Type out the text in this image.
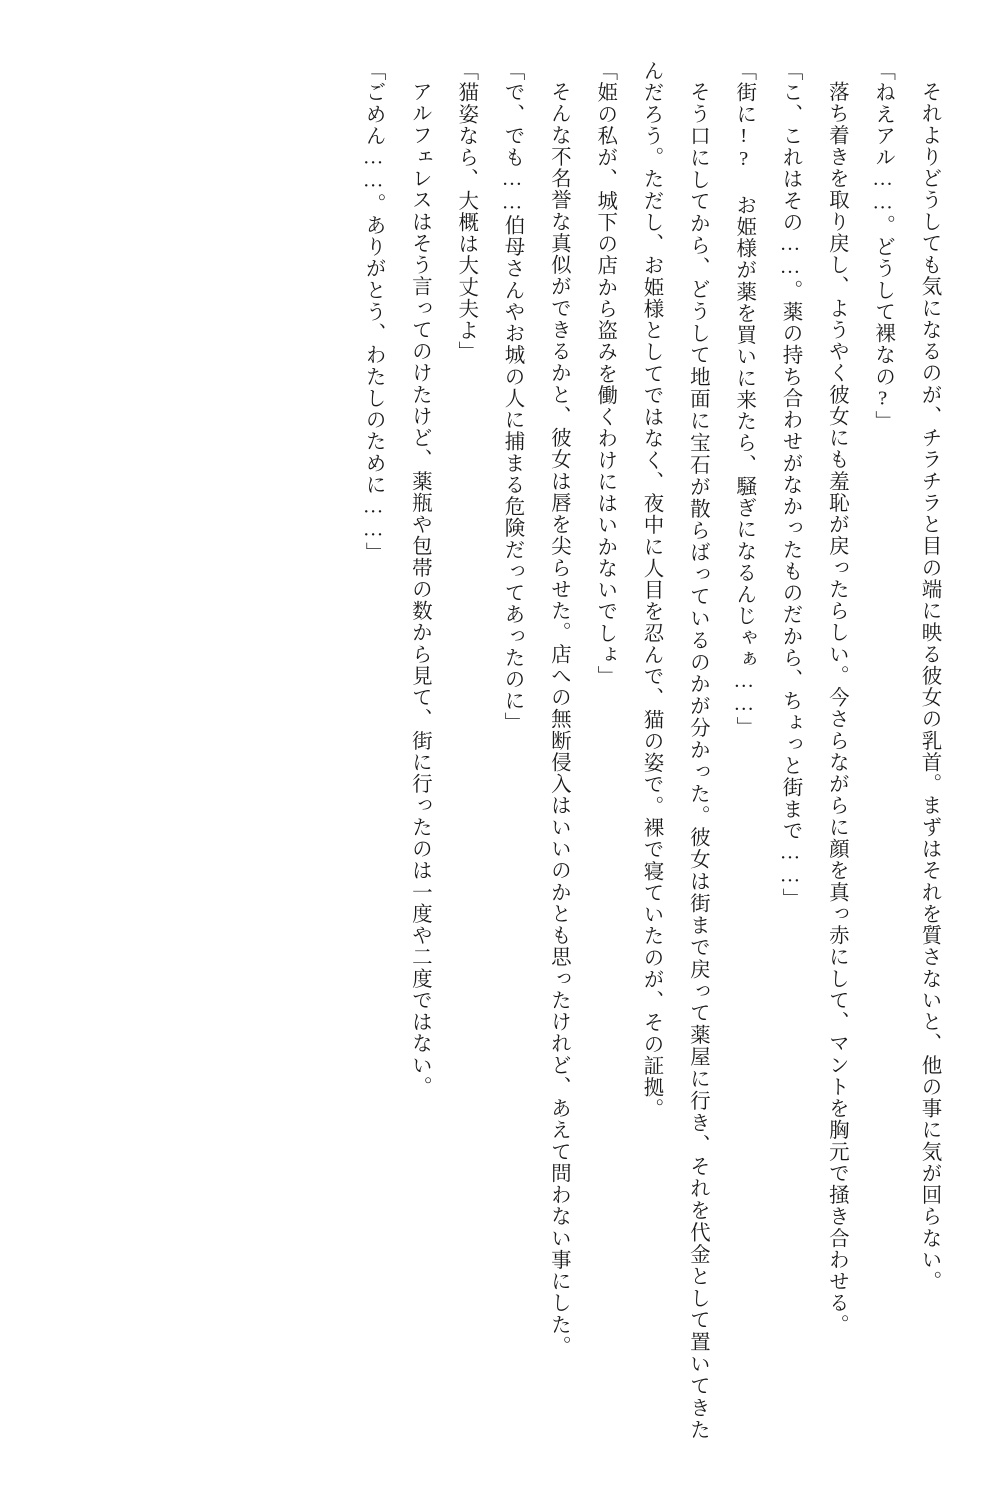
それよりどうしても気になるのが、チラチラと目の端に映る彼女の乳首。まずはそれを質さないと、他の事に気が回らない。

「ねえアル……。どうして裸なの?」

落ち着きを取り戻し、ようやく彼女にも羞恥が戻ったらしい。今さらながらに顔を真っ赤にして、マントを胸元で掻き合わせる。

「こ、これはその……。薬の持ち合わせがなかったものだから、ちょっと街まで……」

「街に!? お姫様が薬を買いに来たら、騒ぎになるんじゃぁ……」

そう口にしてから、どうして地面に宝石が散らばっているのかが分かった。彼女は街まで戻って薬屋に行き、それを代金として置いてきたんだろう。ただし、お姫様としてではなく、夜中に人目を忍んで、猫の姿で。裸で寝ていたのが、その証拠。

「姫の私が、城下の店から盗みを働くわけにはいかないでしょ」

そんな不名誉な真似ができるかと、彼女は唇を尖らせた。店への無断侵入はいいのかとも思ったけれど、あえて問わない事にした。

「で、でも……伯母さんやお城の人に捕まる危険だってあったのに」

「猫姿なら、大概は大丈夫よ」

アルフェレスはそう言ってのけたけど、薬瓶や包帯の数から見て、街に行ったのは一度や二度ではない。

「ごめん……。ありがとう、わたしのために……」
